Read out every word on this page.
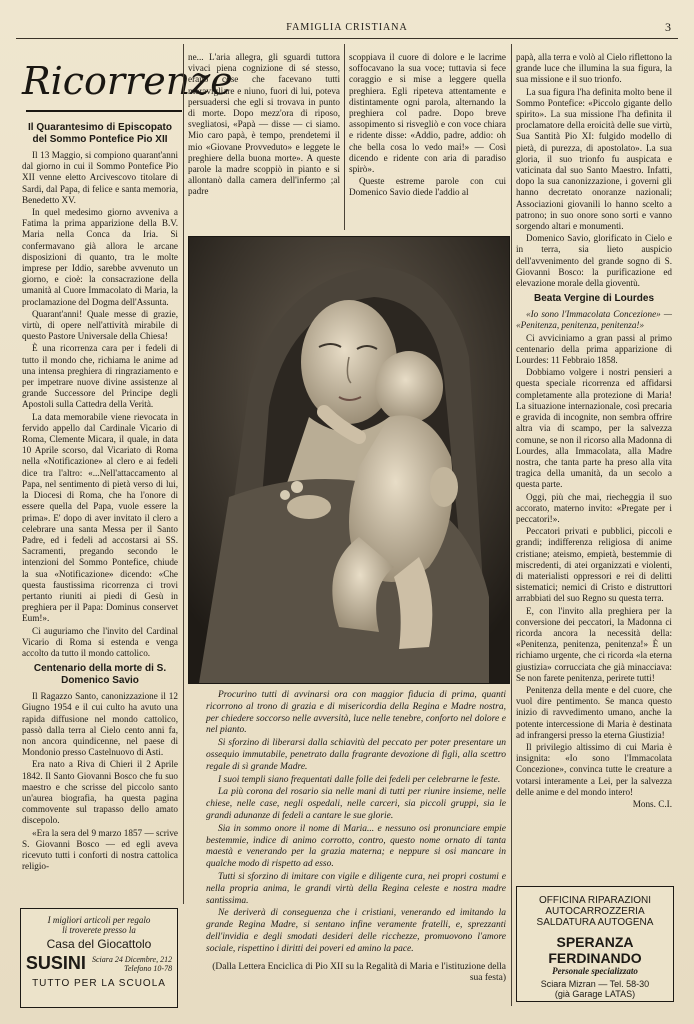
FAMIGLIA CRISTIANA	3
Ricorrenze
Il Quarantesimo di Episcopato del Sommo Pontefice Pio XII

Il 13 Maggio, si compiono quarant'anni dal giorno in cui il Sommo Pontefice Pio XII venne eletto Arcivescovo titolare di Sardi, dal Papa, di felice e santa memoria, Benedetto XV.

In quel medesimo giorno avveniva a Fatima la prima apparizione della B.V. Maria nella Conca da Iria. Si confermavano già allora le arcane disposizioni di quanto, tra le molte imprese per Iddio, sarebbe avvenuto un giorno, e cioè: la consacrazione della umanità al Cuore Immacolato di Maria, la proclamazione del Dogma dell'Assunta.

Quarant'anni! Quale messe di grazie, virtù, di opere nell'attività mirabile di questo Pastore Universale della Chiesa!

È una ricorrenza cara per i fedeli di tutto il mondo che, richiama le anime ad una intensa preghiera di ringraziamento e per impetrare nuove divine assistenze al grande Successore del Principe degli Apostoli sulla Cattedra della Verità.

La data memorabile viene rievocata in fervido appello dal Cardinale Vicario di Roma, Clemente Micara, il quale, in data 10 Aprile scorso, dal Vicariato di Roma nella «Notificazione» al clero e ai fedeli dice tra l'altro: «...Nell'attaccamento al Papa, nel sentimento di pietà verso di lui, la Diocesi di Roma, che ha l'onore di essere quella del Papa, vuole essere la prima». E' dopo di aver invitato il clero a celebrare una santa Messa per il Santo Padre, ed i fedeli ad accostarsi ai SS. Sacramenti, pregando secondo le intenzioni del Sommo Pontefice, chiude la sua «Notificazione» dicendo: «Che questa faustissima ricorrenza ci trovi pertanto riuniti ai piedi di Gesù in preghiera per il Papa: Dominus conservet Eum!».

Ci auguriamo che l'invito del Cardinal Vicario di Roma si estenda e venga accolto da tutto il mondo cattolico.

Centenario della morte di S. Domenico Savio

Il Ragazzo Santo, canonizzazione il 12 Giugno 1954 e il cui culto ha avuto una rapida diffusione nel mondo cattolico, passò dalla terra al Cielo cento anni fa, non ancora quindicenne, nel paese di Mondonio presso Castelnuovo di Asti.

Era nato a Riva di Chieri il 2 Aprile 1842. Il Santo Giovanni Bosco che fu suo maestro e che scrisse del piccolo santo un'aurea biografia, ha questa pagina commovente sul trapasso dello amato discepolo.

«Era la sera del 9 marzo 1857 — scrive S. Giovanni Bosco — ed egli aveva ricevuto tutti i conforti di nostra cattolica religio-

ne... L'aria allegra, gli sguardi tuttora vivaci piena cognizione di sé stesso, erano cose che facevano tutti meravigliare e niuno, fuori di lui, poteva persuadersi che egli si trovava in punto di morte. Dopo mezz'ora di riposo, svegliatosi, «Papà — disse — ci siamo. Mio caro papà, è tempo, prendetemi il mio «Giovane Provveduto» e leggete le preghiere della buona morte». A queste parole la madre scoppiò in pianto e si allontanò dalla camera dell'infermo ;al padre

scoppiava il cuore di dolore e le lacrime soffocavano la sua voce; tuttavia si fece coraggio e si mise a leggere quella preghiera. Egli ripeteva attentamente e distintamente ogni parola, alternando la preghiera col padre. Dopo breve assopimento si risvegliò e con voce chiara e ridente disse: «Addio, padre, addio: oh che bella cosa lo vedo mai!» — Così dicendo e ridente con aria di paradiso spirò».

Queste estreme parole con cui Domenico Savio diede l'addio al

Procurino tutti di avvinarsi ora con maggior fiducia di prima, quanti ricorrono al trono di grazia e di misericordia della Regina e Madre nostra, per chiedere soccorso nelle avversità, luce nelle tenebre, conforto nel dolore e nel pianto.

Si sforzino di liberarsi dalla schiavitù del peccato per poter presentare un ossequio immutabile, penetrato dalla fragrante devozione di figli, alla scettro regale di sì grande Madre.

I suoi templi siano frequentati dalle folle dei fedeli per celebrarne le feste.

La più corona del rosario sia nelle mani di tutti per riunire insieme, nelle chiese, nelle case, negli ospedali, nelle carceri, sia piccoli gruppi, sia le grandi adunanze di fedeli a cantare le sue glorie.

Sia in sommo onore il nome di Maria... e nessuno osi pronunciare empie bestemmie, indice di animo corrotto, contro, questo nome ornato di tanta maestà e venerando per la grazia materna; e neppure si osi mancare in qualche modo di rispetto ad esso.

Tutti si sforzino di imitare con vigile e diligente cura, nei propri costumi e nella propria anima, le grandi virtù della Regina celeste e nostra madre santissima.

Ne deriverà di conseguenza che i cristiani, venerando ed imitando la grande Regina Madre, si sentano infine veramente fratelli, e, sprezzanti dell'invidia e degli smodati desideri delle ricchezze, promuovono l'amore sociale, rispettino i diritti dei poveri ed amino la pace.

(Dalla Lettera Enciclica di Pio XII su la Regalità di Maria e l'istituzione della sua festa)

papà, alla terra e volò al Cielo riflettono la grande luce che illumina la sua figura, la sua missione e il suo trionfo.

La sua figura l'ha definita molto bene il Sommo Pontefice: «Piccolo gigante dello spirito». La sua missione l'ha definita il proclamatore della eroicità delle sue virtù, Sua Santità Pio XI: fulgido modello di pietà, di purezza, di apostolato». La sua gloria, il suo trionfo fu auspicata e vaticinata dal suo Santo Maestro. Infatti, dopo la sua canonizzazione, i governi gli hanno decretato onoranze nazionali; Associazioni giovanili lo hanno scelto a patrono; in suo onore sono sorti e vanno sorgendo altari e monumenti.

Domenico Savio, glorificato in Cielo e in terra, sia lieto auspicio dell'avvenimento del grande sogno di S. Giovanni Bosco: la purificazione ed elevazione morale della gioventù.

Beata Vergine di Lourdes

«Io sono l'Immacolata Concezione» — «Penitenza, penitenza, penitenza!»

Ci avviciniamo a gran passi al primo centenario della prima apparizione di Lourdes: 11 Febbraio 1858.

Dobbiamo volgere i nostri pensieri a questa speciale ricorrenza ed affidarsi completamente alla protezione di Maria! La situazione internazionale, così precaria e gravida di incognite, non sembra offrire altra via di scampo, per la salvezza comune, se non il ricorso alla Madonna di Lourdes, alla Immacolata, alla Madre nostra, che tanta parte ha preso alla vita tragica della umanità, da un secolo a questa parte.

Oggi, più che mai, riecheggia il suo accorato, materno invito: «Pregate per i peccatori!».

Peccatori privati e pubblici, piccoli e grandi; indifferenza religiosa di anime cristiane; ateismo, empietà, bestemmie di miscredenti, di atei organizzati e violenti, di materialisti oppressori e rei di delitti sistematici; nemici di Cristo e distruttori arrabbiati del suo Regno su questa terra.

E, con l'invito alla preghiera per la conversione dei peccatori, la Madonna ci ricorda ancora la necessità della: «Penitenza, penitenza, penitenza!» È un richiamo urgente, che ci ricorda «la eterna giustizia» corrucciata che già minacciava: Se non farete penitenza, perirete tutti!

Penitenza della mente e del cuore, che vuol dire pentimento. Se manca questo inizio di ravvedimento umano, anche la potente intercessione di Maria è destinata ad infrangersi presso la eterna Giustizia!

Il privilegio altissimo di cui Maria è insignita: «Io sono l'Immacolata Concezione», convinca tutte le creature a votarsi interamente a Lei, per la salvezza delle anime e del mondo intero!

Mons. C.I.
I migliori articoli per regalo
li troverete presso la
Casa del Giocattolo
SUSINI Sciara 24 Dicembre, 212
Telefono 10-78
TUTTO PER LA SCUOLA
OFFICINA RIPARAZIONI
AUTOCARROZZERIA
SALDATURA AUTOGENA
SPERANZA FERDINANDO
Personale specializzato
Sciara Mizran — Tel. 58-30
(già Garage LATAS)
